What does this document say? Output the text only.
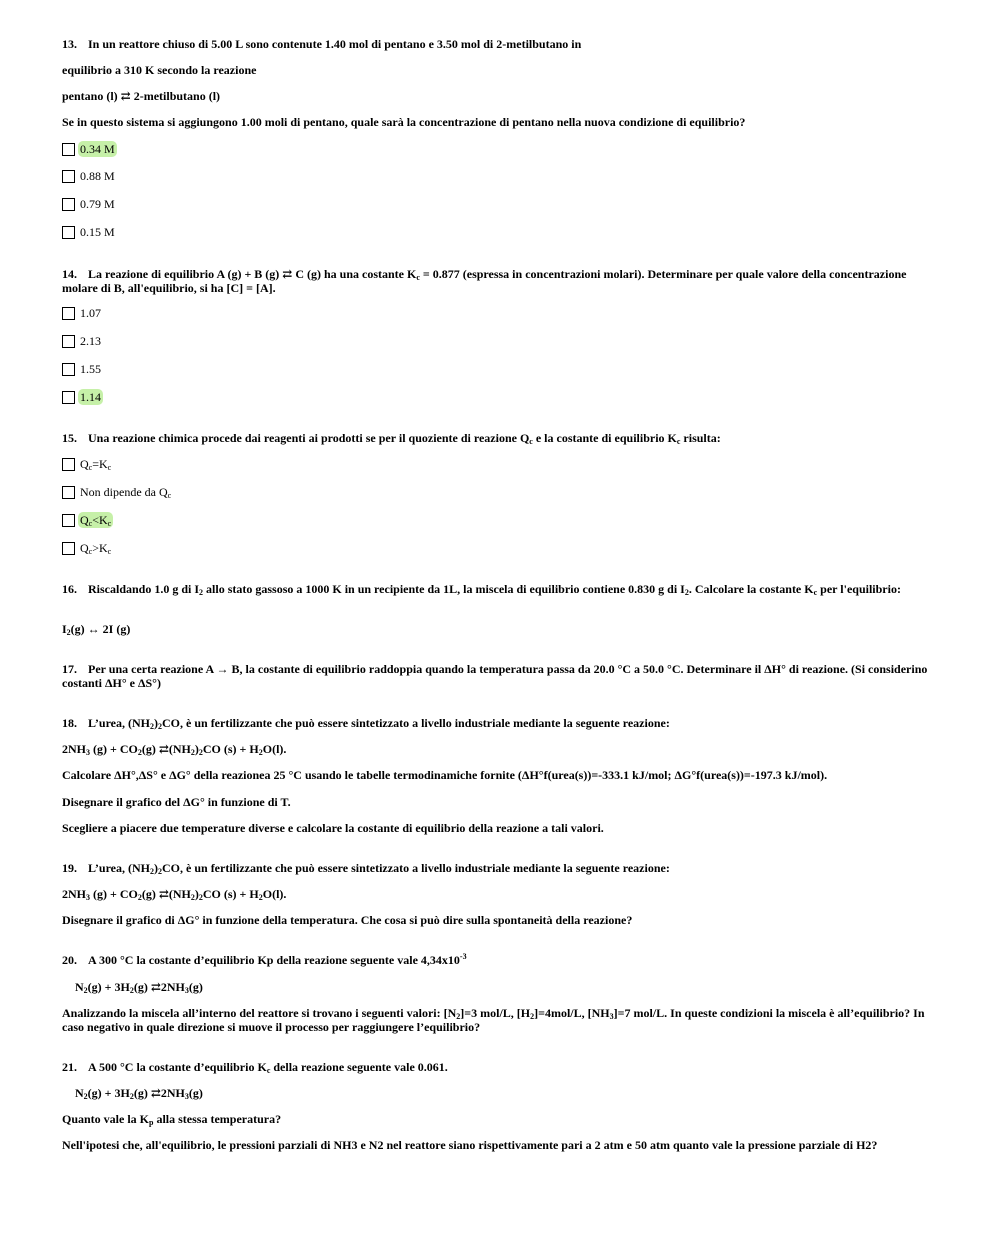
13. In un reattore chiuso di 5.00 L sono contenute 1.40 mol di pentano e 3.50 mol di 2-metilbutano in
equilibrio a 310 K secondo la reazione
pentano (l) ⇄ 2-metilbutano (l)
Se in questo sistema si aggiungono 1.00 moli di pentano, quale sarà la concentrazione di pentano nella nuova condizione di equilibrio?
0.34 M
0.88 M
0.79 M
0.15 M
14. La reazione di equilibrio A (g) + B (g) ⇄ C (g) ha una costante $K_c = 0.877$ (espressa in concentrazioni molari). Determinare per quale valore della concentrazione molare di B, all'equilibrio, si ha [C] = [A].
1.07
2.13
1.55
1.14
15. Una reazione chimica procede dai reagenti ai prodotti se per il quoziente di reazione $Q_c$ e la costante di equilibrio $K_c$ risulta:
$Q_c=K_c$
Non dipende da $Q_c$
$Q_c<K_c$
$Q_c>K_c$
16. Riscaldando 1.0 g di $I_2$ allo stato gassoso a 1000 K in un recipiente da 1L, la miscela di equilibrio contiene 0.830 g di $I_2$. Calcolare la costante $K_c$ per l'equilibrio:
$I_2(g)$ ↔ 2I (g)
17. Per una certa reazione A → B, la costante di equilibrio raddoppia quando la temperatura passa da 20.0 °C a 50.0 °C. Determinare il ΔH° di reazione. (Si considerino costanti ΔH° e ΔS°)
18. L’urea, $(NH_2)_2CO$, è un fertilizzante che può essere sintetizzato a livello industriale mediante la seguente reazione:
$2NH_3$ $(g) + CO_2(g)$ $⇄(NH_2)_2CO$ $(s) + H_2O(l)$.
Calcolare ΔH°,ΔS° e ΔG° della reazionea 25 °C usando le tabelle termodinamiche fornite (ΔH°f(urea(s))=-333.1 kJ/mol; ΔG°f(urea(s))=-197.3 kJ/mol).
Disegnare il grafico del ΔG° in funzione di T.
Scegliere a piacere due temperature diverse e calcolare la costante di equilibrio della reazione a tali valori.
19. L’urea, $(NH_2)_2CO$, è un fertilizzante che può essere sintetizzato a livello industriale mediante la seguente reazione:
$2NH_3$ $(g) + CO_2(g)$ $⇄(NH_2)_2CO$ $(s) + H_2O(l)$.
Disegnare il grafico di ΔG° in funzione della temperatura. Che cosa si può dire sulla spontaneità della reazione?
20. A 300 °C la costante d’equilibrio Kp della reazione seguente vale $4,34x10^{-3}$
$N_2(g) + 3H_2(g)$ $⇄2NH_3(g)$
Analizzando la miscela all’interno del reattore si trovano i seguenti valori: $[N_2]=3$ mol/L, $[H_2]=4mol/L$, $[NH_3]=7$ mol/L. In queste condizioni la miscela è all’equilibrio? In caso negativo in quale direzione si muove il processo per raggiungere l’equilibrio?
21. A 500 °C la costante d’equilibrio $K_c$ della reazione seguente vale 0.061.
$N_2(g) + 3H_2(g)$ $⇄2NH_3(g)$
Quanto vale la $K_p$ alla stessa temperatura?
Nell'ipotesi che, all'equilibrio, le pressioni parziali di NH3 e N2 nel reattore siano rispettivamente pari a 2 atm e 50 atm quanto vale la pressione parziale di H2?
